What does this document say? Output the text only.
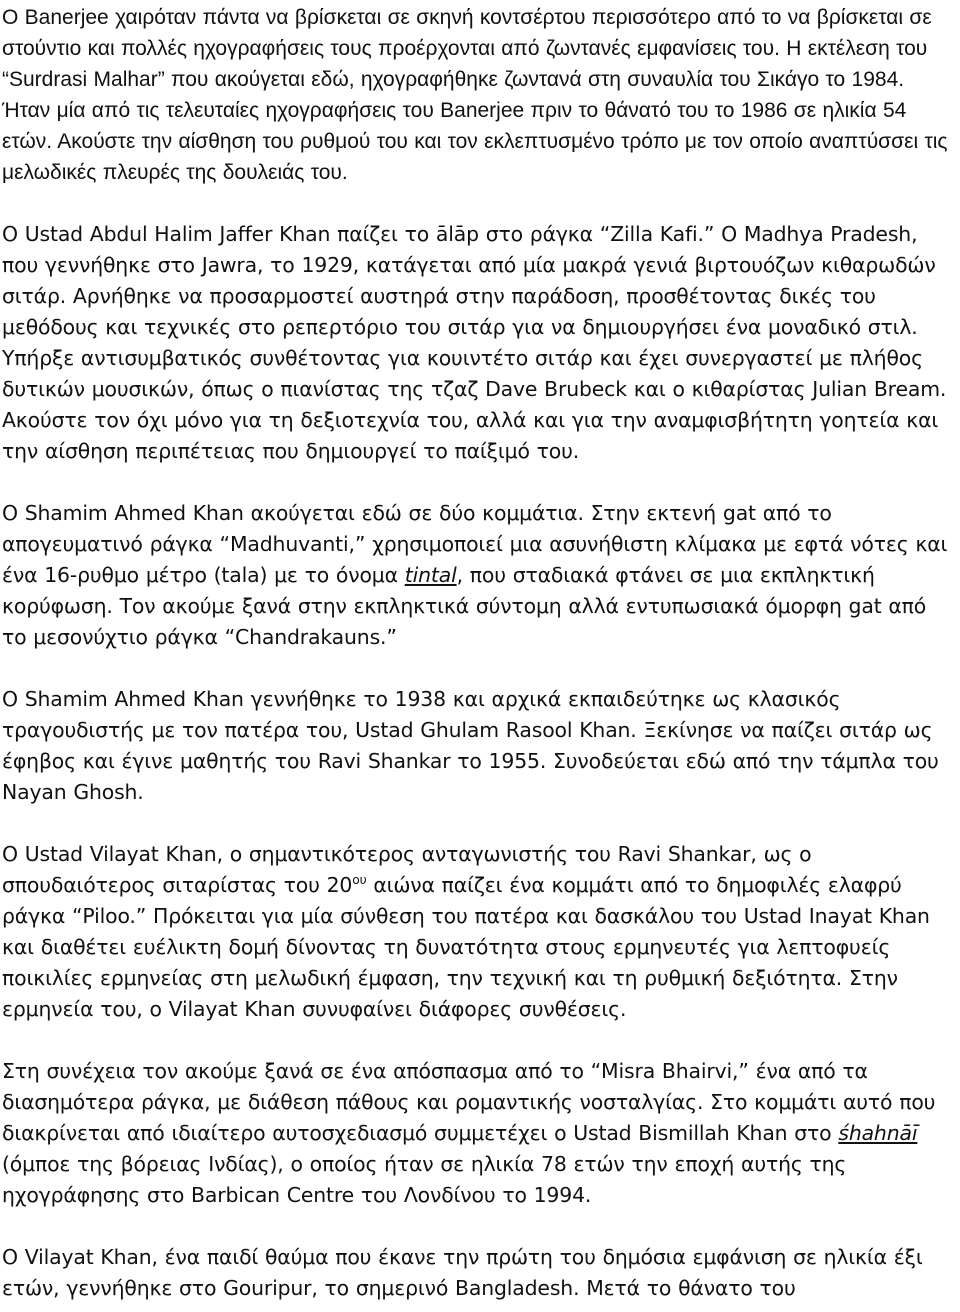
Ο Banerjee χαιρόταν πάντα να βρίσκεται σε σκηνή κοντσέρτου περισσότερο από το να βρίσκεται σε στούντιο και πολλές ηχογραφήσεις τους προέρχονται από ζωντανές εμφανίσεις του. Η εκτέλεση του “Surdrasi Malhar” που ακούγεται εδώ, ηχογραφήθηκε ζωντανά στη συναυλία του Σικάγο το 1984. Ήταν μία από τις τελευταίες ηχογραφήσεις του Banerjee πριν το θάνατό του το 1986 σε ηλικία 54 ετών. Ακούστε την αίσθηση του ρυθμού του και τον εκλεπτυσμένο τρόπο με τον οποίο αναπτύσσει τις μελωδικές πλευρές της δουλειάς του.

Ο Ustad Abdul Halim Jaffer Khan παίζει το ālāp στο ράγκα “Zilla Kafi.” Ο Madhya Pradesh, που γεννήθηκε στο Jawra, το 1929, κατάγεται από μία μακρά γενιά βιρτουόζων κιθαρωδών σιτάρ. Αρνήθηκε να προσαρμοστεί αυστηρά στην παράδοση, προσθέτοντας δικές του μεθόδους και τεχνικές στο ρεπερτόριο του σιτάρ για να δημιουργήσει ένα μοναδικό στιλ. Υπήρξε αντισυμβατικός συνθέτοντας για κουιντέτο σιτάρ και έχει συνεργαστεί με πλήθος δυτικών μουσικών, όπως ο πιανίστας της τζαζ Dave Brubeck και ο κιθαρίστας Julian Bream. Ακούστε τον όχι μόνο για τη δεξιοτεχνία του, αλλά και για την αναμφισβήτητη γοητεία και την αίσθηση περιπέτειας που δημιουργεί το παίξιμό του.

Ο Shamim Ahmed Khan ακούγεται εδώ σε δύο κομμάτια. Στην εκτενή gat από το απογευματινό ράγκα “Madhuvanti,” χρησιμοποιεί μια ασυνήθιστη κλίμακα με εφτά νότες και ένα 16-ρυθμο μέτρο (tala) με το όνομα tintal, που σταδιακά φτάνει σε μια εκπληκτική κορύφωση. Τον ακούμε ξανά στην εκπληκτικά σύντομη αλλά εντυπωσιακά όμορφη gat από το μεσονύχτιο ράγκα “Chandrakauns.”

Ο Shamim Ahmed Khan γεννήθηκε το 1938 και αρχικά εκπαιδεύτηκε ως κλασικός τραγουδιστής με τον πατέρα του, Ustad Ghulam Rasool Khan. Ξεκίνησε να παίζει σιτάρ ως έφηβος και έγινε μαθητής του Ravi Shankar το 1955. Συνοδεύεται εδώ από την τάμπλα του Nayan Ghosh.

Ο Ustad Vilayat Khan, ο σημαντικότερος ανταγωνιστής του Ravi Shankar, ως ο σπουδαιότερος σιταρίστας του $20^{o\upsilon}$ αιώνα παίζει ένα κομμάτι από το δημοφιλές ελαφρύ ράγκα “Piloo.” Πρόκειται για μία σύνθεση του πατέρα και δασκάλου του Ustad Inayat Khan και διαθέτει ευέλικτη δομή δίνοντας τη δυνατότητα στους ερμηνευτές για λεπτοφυείς ποικιλίες ερμηνείας στη μελωδική έμφαση, την τεχνική και τη ρυθμική δεξιότητα. Στην ερμηνεία του, ο Vilayat Khan συνυφαίνει διάφορες συνθέσεις.

Στη συνέχεια τον ακούμε ξανά σε ένα απόσπασμα από το “Misra Bhairvi,” ένα από τα διασημότερα ράγκα, με διάθεση πάθους και ρομαντικής νοσταλγίας. Στο κομμάτι αυτό που διακρίνεται από ιδιαίτερο αυτοσχεδιασμό συμμετέχει ο Ustad Bismillah Khan στο śhahnāī (όμποε της βόρειας Ινδίας), ο οποίος ήταν σε ηλικία 78 ετών την εποχή αυτής της ηχογράφησης στο Barbican Centre του Λονδίνου το 1994.

Ο Vilayat Khan, ένα παιδί θαύμα που έκανε την πρώτη του δημόσια εμφάνιση σε ηλικία έξι ετών, γεννήθηκε στο Gouripur, το σημερινό Bangladesh. Μετά το θάνατο του
